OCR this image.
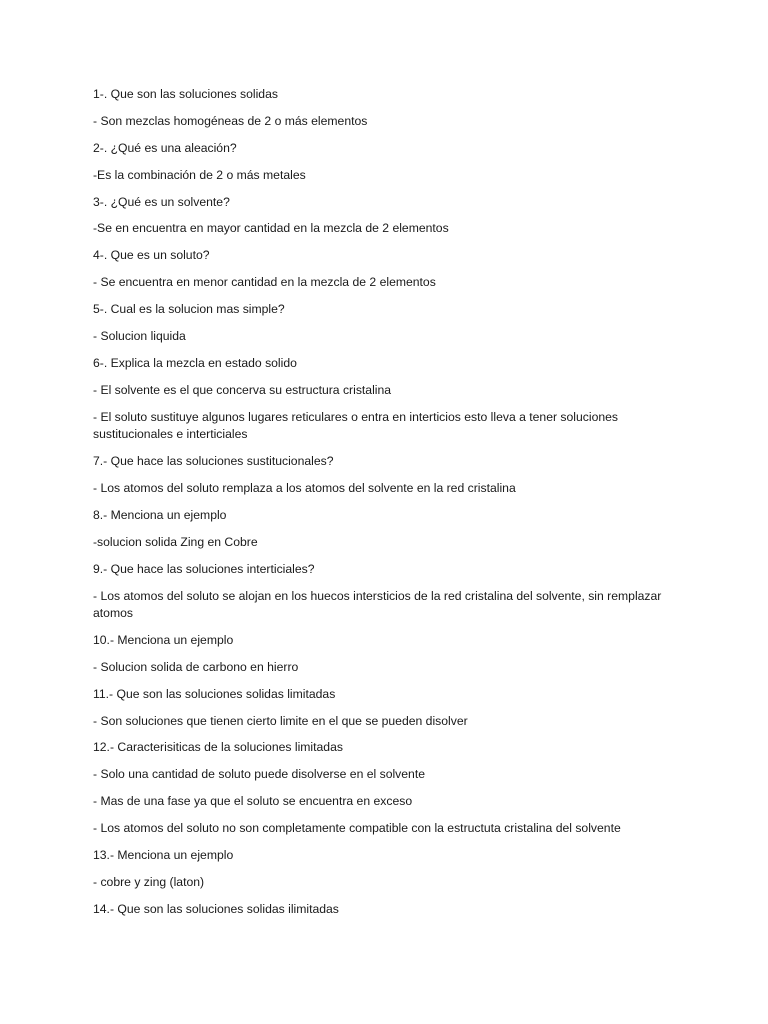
1-. Que son las soluciones solidas

- Son mezclas homogéneas de 2 o más elementos

2-. ¿Qué es una aleación?

-Es la combinación de 2 o más metales

3-. ¿Qué es un solvente?

-Se en encuentra en mayor cantidad en la mezcla de 2 elementos

4-. Que es un soluto?

- Se encuentra en menor cantidad en la mezcla de 2 elementos

5-. Cual es la solucion mas simple?

- Solucion liquida

6-. Explica la mezcla en estado solido

- El solvente es el que concerva su estructura cristalina

- El soluto sustituye algunos lugares reticulares o entra en interticios esto lleva a tener soluciones sustitucionales e interticiales

7.- Que hace las soluciones sustitucionales?

- Los atomos del soluto remplaza a los atomos del solvente en la red cristalina

8.- Menciona un ejemplo

-solucion solida Zing en Cobre

9.- Que hace las soluciones interticiales?

- Los atomos del soluto se alojan en los huecos intersticios de la red cristalina del solvente, sin remplazar atomos

10.- Menciona un ejemplo

- Solucion solida de carbono en hierro

11.- Que son las soluciones solidas limitadas

- Son soluciones que tienen cierto limite en el que se pueden disolver

12.- Caracterisiticas de la soluciones limitadas

- Solo una cantidad de soluto puede disolverse en el solvente

- Mas de una fase ya que el soluto se encuentra en exceso

- Los atomos del soluto no son completamente compatible con la estructuta cristalina del solvente

13.- Menciona un ejemplo

- cobre y zing (laton)

14.- Que son las soluciones solidas ilimitadas
